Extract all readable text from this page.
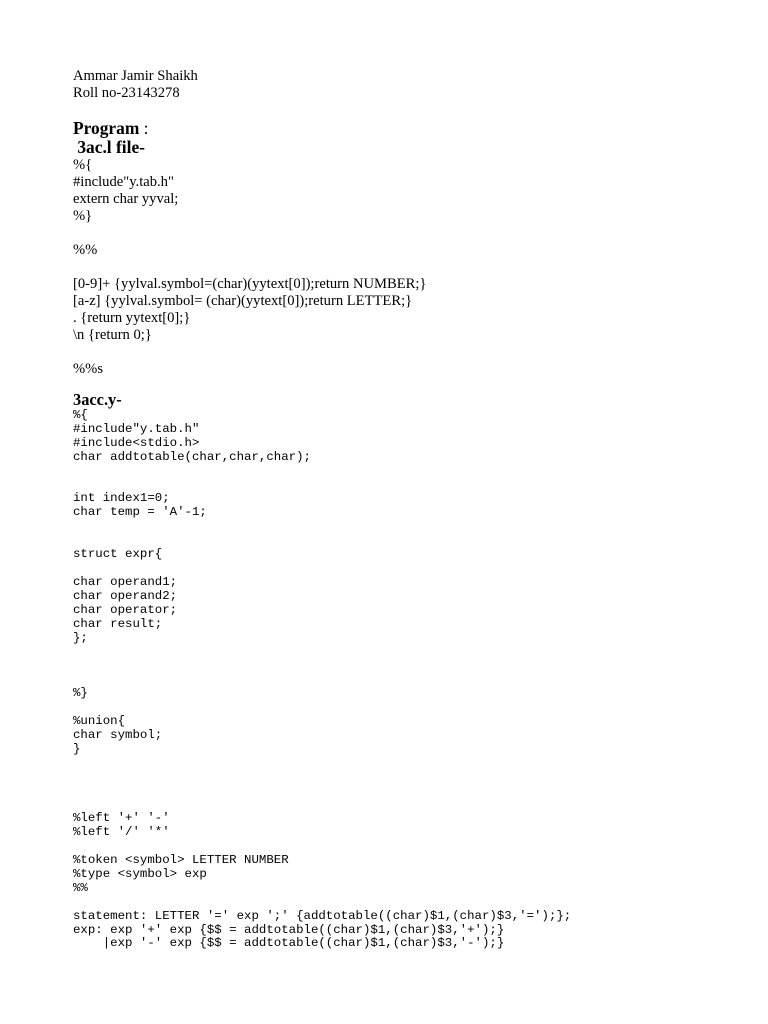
Ammar Jamir Shaikh
Roll no-23143278
Program :
3ac.l file-
%{
#include"y.tab.h"
extern char yyval;
%}

%%

[0-9]+ {yylval.symbol=(char)(yytext[0]);return NUMBER;}
[a-z] {yylval.symbol= (char)(yytext[0]);return LETTER;}
. {return yytext[0];}
\n {return 0;}

%%s
3acc.y-
%{
#include"y.tab.h"
#include<stdio.h>
char addtotable(char,char,char);

int index1=0;
char temp = 'A'-1;

struct expr{

char operand1;
char operand2;
char operator;
char result;
};

%}

%union{
char symbol;
}

%left '+' '-'
%left '/' '*'

%token <symbol> LETTER NUMBER
%type <symbol> exp
%%

statement: LETTER '=' exp ';' {addtotable((char)$1,(char)$3,'=');};
exp: exp '+' exp {$$ = addtotable((char)$1,(char)$3,'+');}
|exp '-' exp {$$ = addtotable((char)$1,(char)$3,'-');}
